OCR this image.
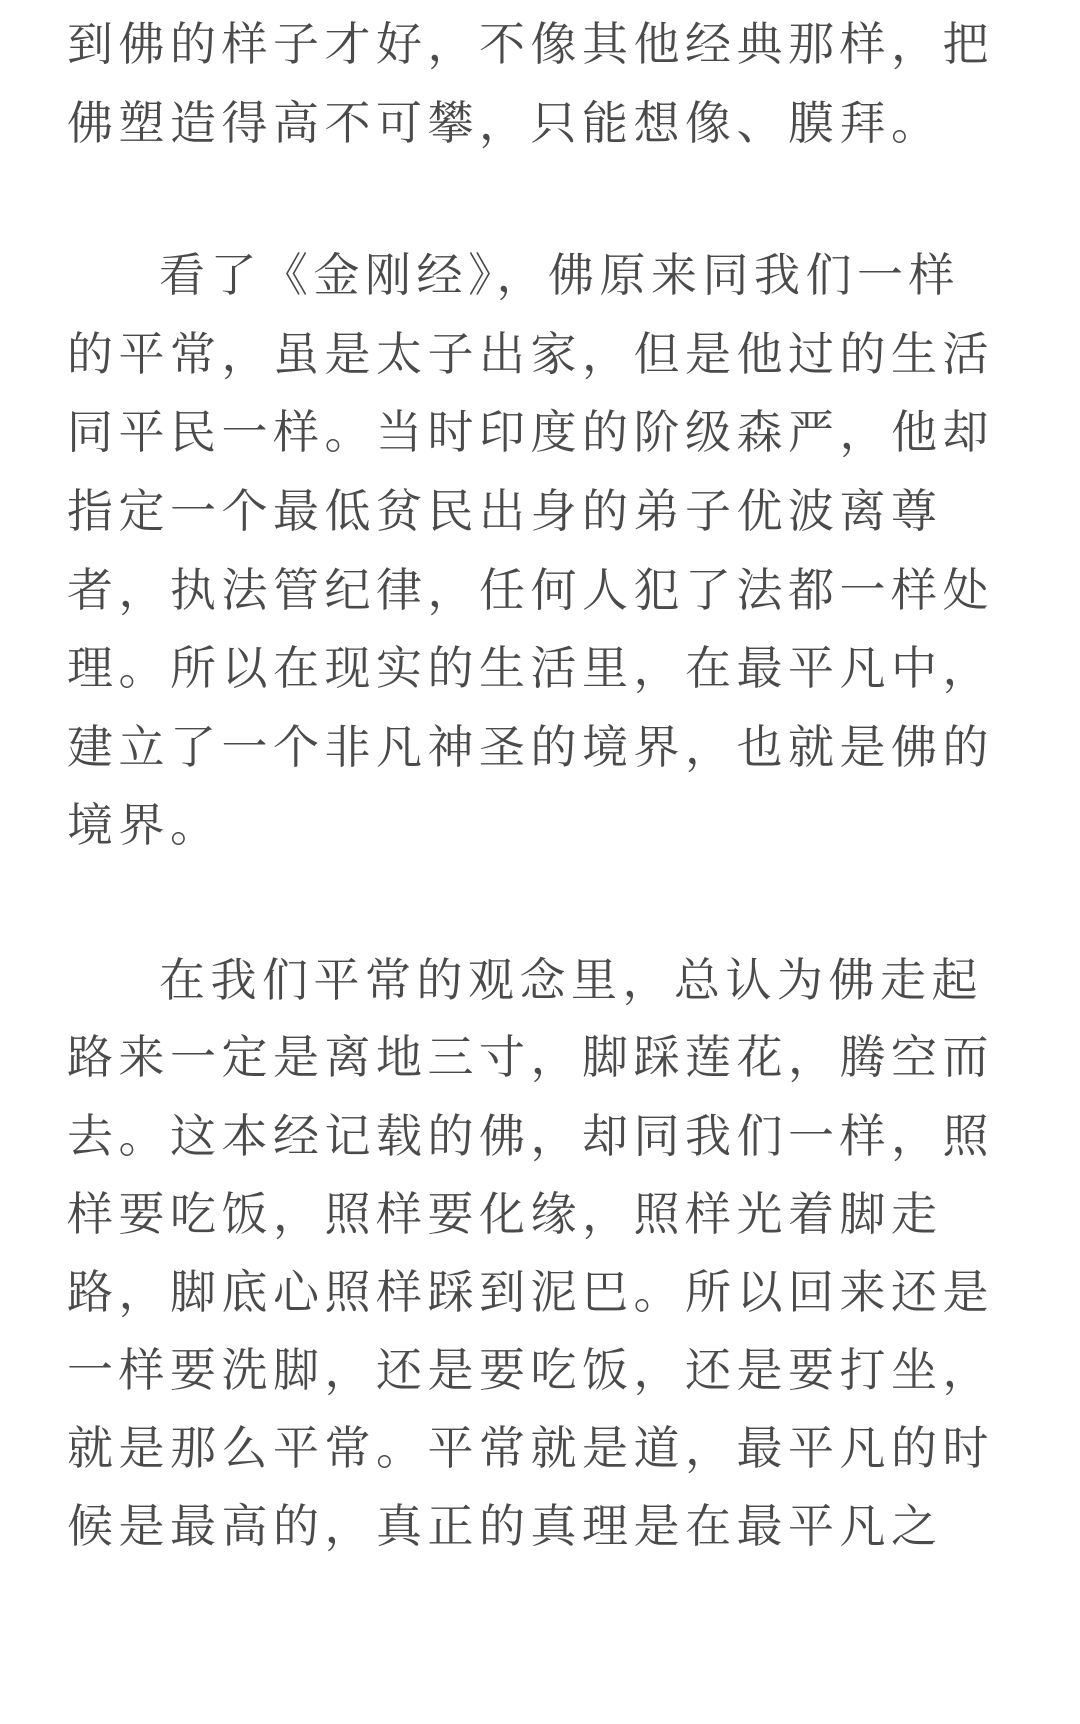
到佛的样子才好，不像其他经典那样，把
佛塑造得高不可攀，只能想像、膜拜。
看了《金刚经》，佛原来同我们一样
的平常，虽是太子出家，但是他过的生活
同平民一样。当时印度的阶级森严，他却
指定一个最低贫民出身的弟子优波离尊
者，执法管纪律，任何人犯了法都一样处
理。所以在现实的生活里，在最平凡中，
建立了一个非凡神圣的境界，也就是佛的
境界。
在我们平常的观念里，总认为佛走起
路来一定是离地三寸，脚踩莲花，腾空而
去。这本经记载的佛，却同我们一样，照
样要吃饭，照样要化缘，照样光着脚走
路，脚底心照样踩到泥巴。所以回来还是
一样要洗脚，还是要吃饭，还是要打坐，
就是那么平常。平常就是道，最平凡的时
候是最高的，真正的真理是在最平凡之
